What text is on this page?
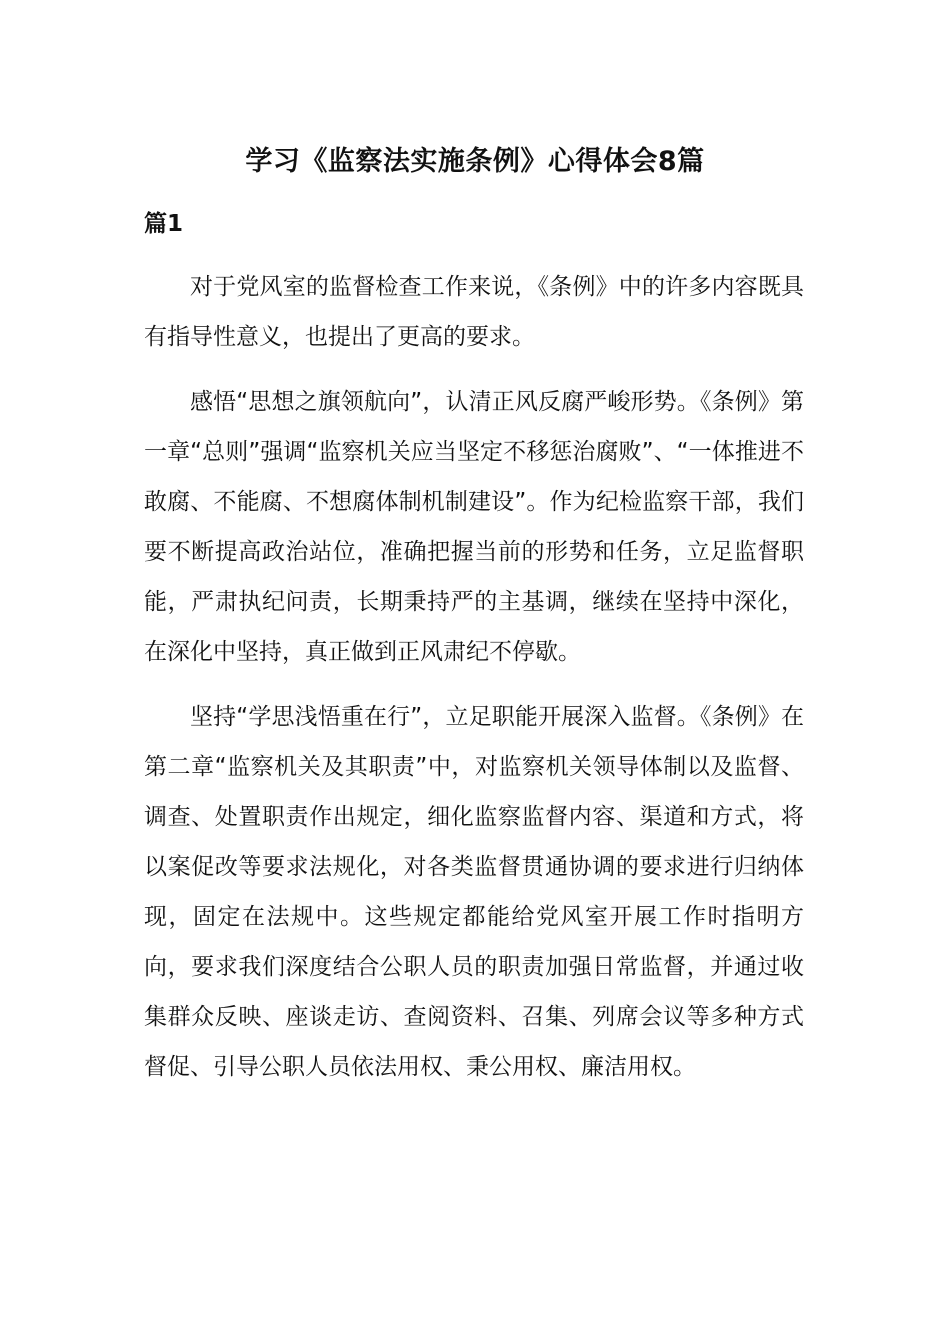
学习《监察法实施条例》心得体会8篇
篇1

对于党风室的监督检查工作来说，《条例》中的许多内容既具有指导性意义，也提出了更高的要求。

感悟“思想之旗领航向”，认清正风反腐严峻形势。《条例》第一章“总则”强调“监察机关应当坚定不移惩治腐败”、“一体推进不敢腐、不能腐、不想腐体制机制建设”。作为纪检监察干部，我们要不断提高政治站位，准确把握当前的形势和任务，立足监督职能，严肃执纪问责，长期秉持严的主基调，继续在坚持中深化，在深化中坚持，真正做到正风肃纪不停歇。

坚持“学思浅悟重在行”，立足职能开展深入监督。《条例》在第二章“监察机关及其职责”中，对监察机关领导体制以及监督、调查、处置职责作出规定，细化监察监督内容、渠道和方式，将以案促改等要求法规化，对各类监督贯通协调的要求进行归纳体现，固定在法规中。这些规定都能给党风室开展工作时指明方向，要求我们深度结合公职人员的职责加强日常监督，并通过收集群众反映、座谈走访、查阅资料、召集、列席会议等多种方式督促、引导公职人员依法用权、秉公用权、廉洁用权。
